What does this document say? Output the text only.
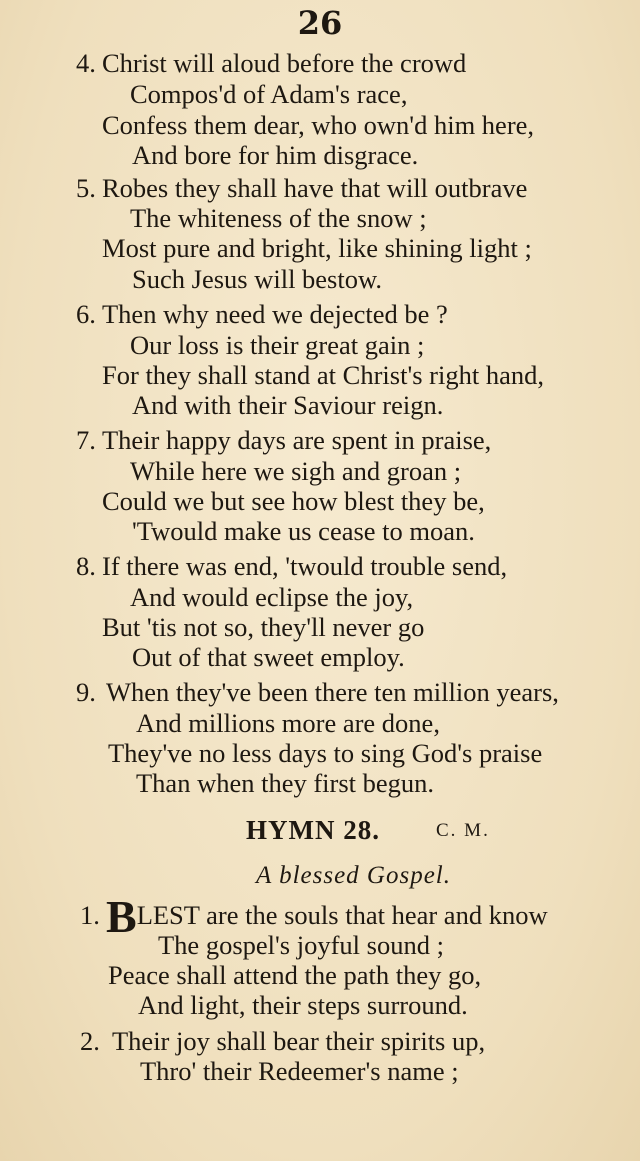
26
4. Christ will aloud before the crowd
Compos'd of Adam's race,
Confess them dear, who own'd him here,
And bore for him disgrace.
5. Robes they shall have that will outbrave
The whiteness of the snow ;
Most pure and bright, like shining light ;
Such Jesus will bestow.
6. Then why need we dejected be ?
Our loss is their great gain ;
For they shall stand at Christ's right hand,
And with their Saviour reign.
7. Their happy days are spent in praise,
While here we sigh and groan ;
Could we but see how blest they be,
'Twould make us cease to moan.
8. If there was end, 'twould trouble send,
And would eclipse the joy,
But 'tis not so, they'll never go
Out of that sweet employ.
9. When they've been there ten million years,
And millions more are done,
They've no less days to sing God's praise
Than when they first begun.
HYMN 28.	C. M.
A blessed Gospel.
1. BLEST are the souls that hear and know
The gospel's joyful sound ;
Peace shall attend the path they go,
And light, their steps surround.
2. Their joy shall bear their spirits up,
Thro' their Redeemer's name ;
